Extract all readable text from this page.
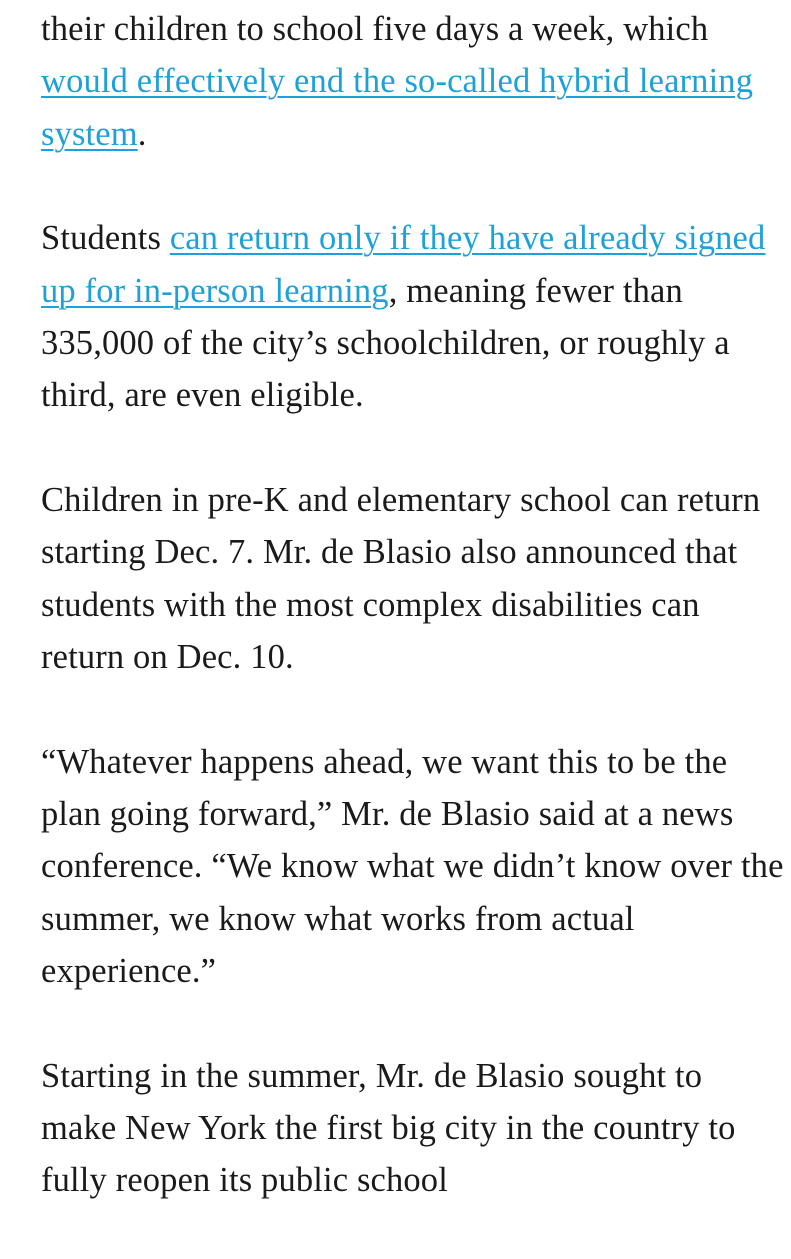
their children to school five days a week, which would effectively end the so-called hybrid learning system.

Students can return only if they have already signed up for in-person learning, meaning fewer than 335,000 of the city’s schoolchildren, or roughly a third, are even eligible.

Children in pre-K and elementary school can return starting Dec. 7. Mr. de Blasio also announced that students with the most complex disabilities can return on Dec. 10.

“Whatever happens ahead, we want this to be the plan going forward,” Mr. de Blasio said at a news conference. “We know what we didn’t know over the summer, we know what works from actual experience.”

Starting in the summer, Mr. de Blasio sought to make New York the first big city in the country to fully reopen its public school
